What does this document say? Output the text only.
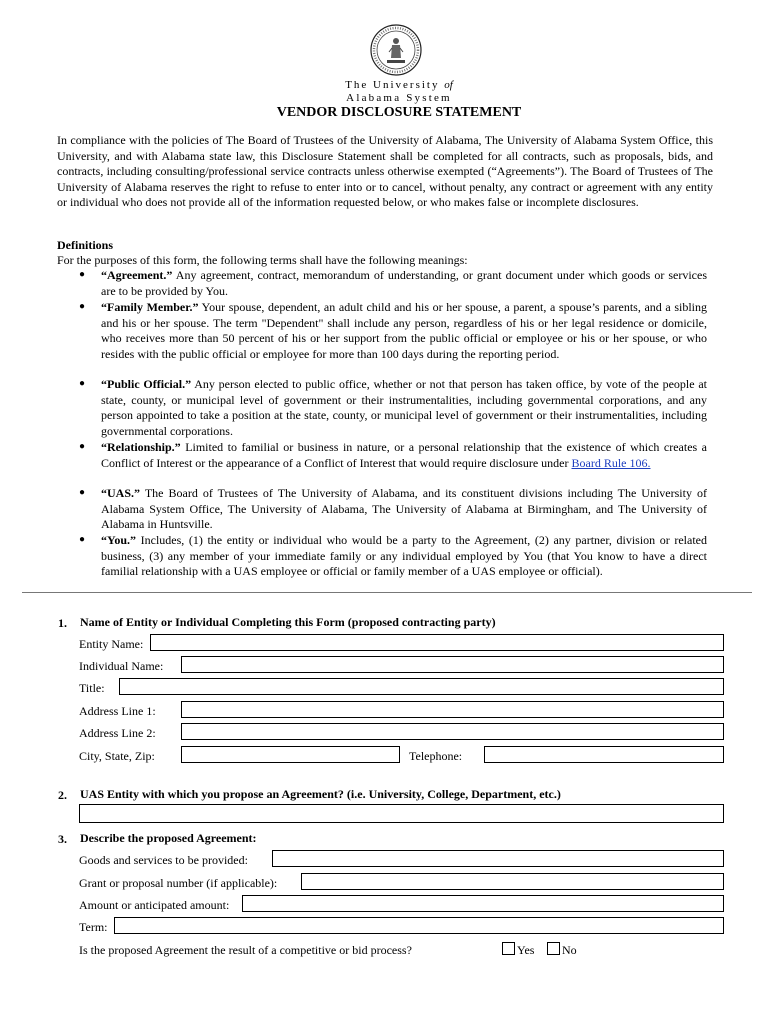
The University of
Alabama System
VENDOR DISCLOSURE STATEMENT
In compliance with the policies of The Board of Trustees of the University of Alabama, The University of Alabama System Office, this University, and with Alabama state law, this Disclosure Statement shall be completed for all contracts, such as proposals, bids, and contracts, including consulting/professional service contracts unless otherwise exempted (“Agreements”). The Board of Trustees of The University of Alabama reserves the right to refuse to enter into or to cancel, without penalty, any contract or agreement with any entity or individual who does not provide all of the information requested below, or who makes false or incomplete disclosures.
Definitions
For the purposes of this form, the following terms shall have the following meanings:
● “Agreement.” Any agreement, contract, memorandum of understanding, or grant document under which goods or services are to be provided by You.
● “Family Member.” Your spouse, dependent, an adult child and his or her spouse, a parent, a spouse’s parents, and a sibling and his or her spouse. The term "Dependent" shall include any person, regardless of his or her legal residence or domicile, who receives more than 50 percent of his or her support from the public official or employee or his or her spouse, or who resides with the public official or employee for more than 100 days during the reporting period.
● “Public Official.” Any person elected to public office, whether or not that person has taken office, by vote of the people at state, county, or municipal level of government or their instrumentalities, including governmental corporations, and any person appointed to take a position at the state, county, or municipal level of government or their instrumentalities, including governmental corporations.
● “Relationship.” Limited to familial or business in nature, or a personal relationship that the existence of which creates a Conflict of Interest or the appearance of a Conflict of Interest that would require disclosure under Board Rule 106.
● “UAS.” The Board of Trustees of The University of Alabama, and its constituent divisions including The University of Alabama System Office, The University of Alabama, The University of Alabama at Birmingham, and The University of Alabama in Huntsville.
● “You.” Includes, (1) the entity or individual who would be a party to the Agreement, (2) any partner, division or related business, (3) any member of your immediate family or any individual employed by You (that You know to have a direct familial relationship with a UAS employee or official or family member of a UAS employee or official).
1. Name of Entity or Individual Completing this Form (proposed contracting party)
Entity Name:
Individual Name:
Title:
Address Line 1:
Address Line 2:
City, State, Zip:	Telephone:
2. UAS Entity with which you propose an Agreement? (i.e. University, College, Department, etc.)
3. Describe the proposed Agreement:
Goods and services to be provided:
Grant or proposal number (if applicable):
Amount or anticipated amount:
Term:
Is the proposed Agreement the result of a competitive or bid process?	Yes No
